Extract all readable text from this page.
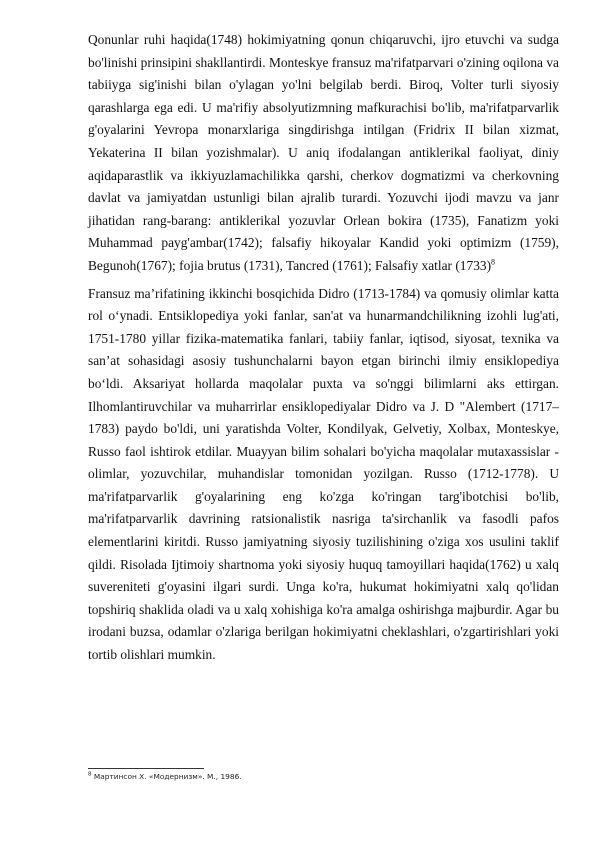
Qonunlar ruhi haqida(1748) hokimiyatning qonun chiqaruvchi, ijro etuvchi va sudga bo'linishi prinsipini shakllantirdi. Monteskye fransuz ma'rifatparvari o'zining oqilona va tabiiyga sig'inishi bilan o'ylagan yo'lni belgilab berdi. Biroq, Volter turli siyosiy qarashlarga ega edi. U ma'rifiy absolyutizmning mafkurachisi bo'lib, ma'rifatparvarlik g'oyalarini Yevropa monarxlariga singdirishga intilgan (Fridrix II bilan xizmat, Yekaterina II bilan yozishmalar). U aniq ifodalangan antiklerikal faoliyat, diniy aqidaparastlik va ikkiyuzlamachilikka qarshi, cherkov dogmatizmi va cherkovning davlat va jamiyatdan ustunligi bilan ajralib turardi. Yozuvchi ijodi mavzu va janr jihatidan rang-barang: antiklerikal yozuvlar Orlean bokira (1735), Fanatizm yoki Muhammad payg'ambar(1742); falsafiy hikoyalar Kandid yoki optimizm (1759), Begunoh(1767); fojia brutus (1731), Tancred (1761); Falsafiy xatlar $(1733)^8$

Fransuz maʼrifatining ikkinchi bosqichida Didro (1713-1784) va qomusiy olimlar katta rol oʻynadi. Entsiklopediya yoki fanlar, san'at va hunarmandchilikning izohli lug'ati, 1751-1780 yillar fizika-matematika fanlari, tabiiy fanlar, iqtisod, siyosat, texnika va sanʼat sohasidagi asosiy tushunchalarni bayon etgan birinchi ilmiy ensiklopediya boʻldi. Aksariyat hollarda maqolalar puxta va so'nggi bilimlarni aks ettirgan. Ilhomlantiruvchilar va muharrirlar ensiklopediyalar Didro va J. D "Alembert (1717–1783) paydo bo'ldi, uni yaratishda Volter, Kondilyak, Gelvetiy, Xolbax, Monteskye, Russo faol ishtirok etdilar. Muayyan bilim sohalari bo'yicha maqolalar mutaxassislar - olimlar, yozuvchilar, muhandislar tomonidan yozilgan. Russo (1712-1778). U ma'rifatparvarlik g'oyalarining eng ko'zga ko'ringan targ'ibotchisi bo'lib, ma'rifatparvarlik davrining ratsionalistik nasriga ta'sirchanlik va fasodli pafos elementlarini kiritdi. Russo jamiyatning siyosiy tuzilishining o'ziga xos usulini taklif qildi. Risolada Ijtimoiy shartnoma yoki siyosiy huquq tamoyillari haqida(1762) u xalq suvereniteti g'oyasini ilgari surdi. Unga ko'ra, hukumat hokimiyatni xalq qo'lidan topshiriq shaklida oladi va u xalq xohishiga ko'ra amalga oshirishga majburdir. Agar bu irodani buzsa, odamlar o'zlariga berilgan hokimiyatni cheklashlari, o'zgartirishlari yoki tortib olishlari mumkin.

$^8$ Мартинсон Х. «Модернизм». М., 1986.
